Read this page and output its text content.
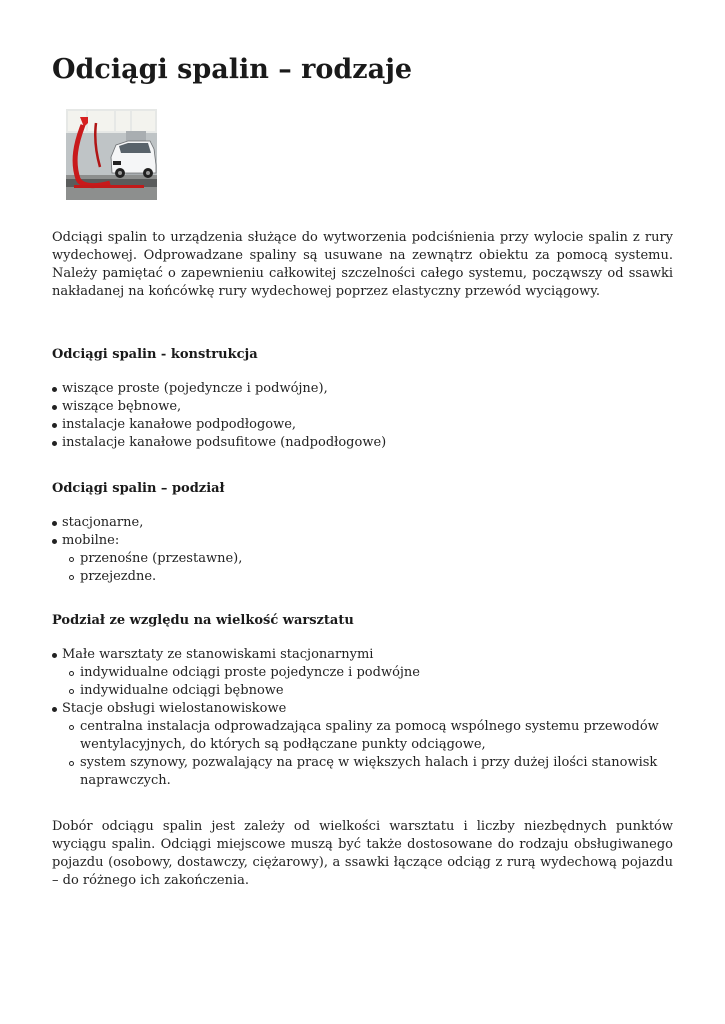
Odciągi spalin – rodzaje

Odciągi spalin to urządzenia służące do wytworzenia podciśnienia przy wylocie spalin z rury wydechowej. Odprowadzane spaliny są usuwane na zewnątrz obiektu za pomocą systemu. Należy pamiętać o zapewnieniu całkowitej szczelności całego systemu, począwszy od ssawki nakładanej na końcówkę rury wydechowej poprzez elastyczny przewód wyciągowy.

Odciągi spalin - konstrukcja
wiszące proste (pojedyncze i podwójne),
wiszące bębnowe,
instalacje kanałowe podpodłogowe,
instalacje kanałowe podsufitowe (nadpodłogowe)
Odciągi spalin – podział
stacjonarne,
mobilne:
przenośne (przestawne),
przejezdne.
Podział ze względu na wielkość warsztatu
Małe warsztaty ze stanowiskami stacjonarnymi
indywidualne odciągi proste pojedyncze i podwójne
indywidualne odciągi bębnowe
Stacje obsługi wielostanowiskowe
centralna instalacja odprowadzająca spaliny za pomocą wspólnego systemu przewodów wentylacyjnych, do których są podłączane punkty odciągowe,
system szynowy, pozwalający na pracę w większych halach i przy dużej ilości stanowisk naprawczych.

Dobór odciągu spalin jest zależy od wielkości warsztatu i liczby niezbędnych punktów wyciągu spalin. Odciągi miejscowe muszą być także dostosowane do rodzaju obsługiwanego pojazdu (osobowy, dostawczy, ciężarowy), a ssawki łączące odciąg z rurą wydechową pojazdu – do różnego ich zakończenia.
